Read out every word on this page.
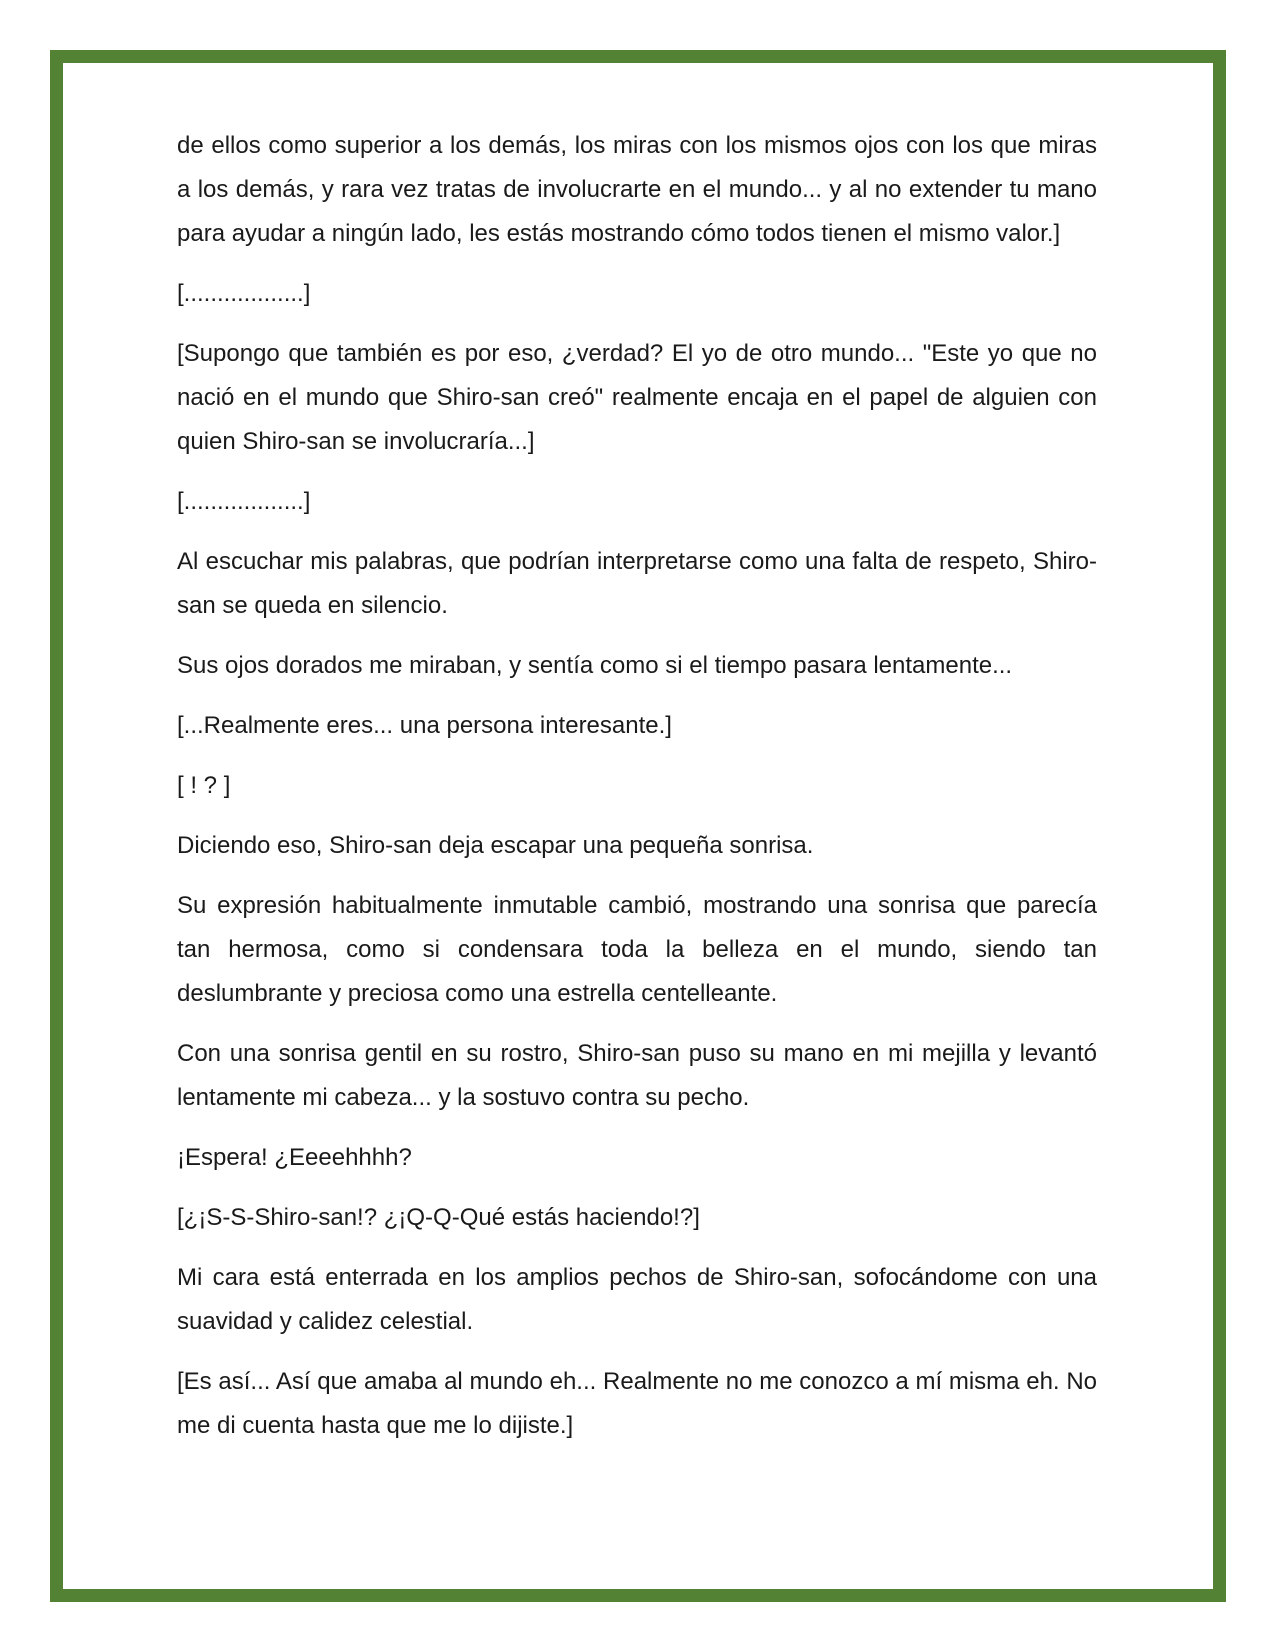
de ellos como superior a los demás, los miras con los mismos ojos con los que miras a los demás, y rara vez tratas de involucrarte en el mundo... y al no extender tu mano para ayudar a ningún lado, les estás mostrando cómo todos tienen el mismo valor.]

[..................]

[Supongo que también es por eso, ¿verdad? El yo de otro mundo... "Este yo que no nació en el mundo que Shiro-san creó" realmente encaja en el papel de alguien con quien Shiro-san se involucraría...]

[..................]

Al escuchar mis palabras, que podrían interpretarse como una falta de respeto, Shiro-san se queda en silencio.

Sus ojos dorados me miraban, y sentía como si el tiempo pasara lentamente...

[...Realmente eres... una persona interesante.]

[ ! ? ]

Diciendo eso, Shiro-san deja escapar una pequeña sonrisa.

Su expresión habitualmente inmutable cambió, mostrando una sonrisa que parecía tan hermosa, como si condensara toda la belleza en el mundo, siendo tan deslumbrante y preciosa como una estrella centelleante.

Con una sonrisa gentil en su rostro, Shiro-san puso su mano en mi mejilla y levantó lentamente mi cabeza... y la sostuvo contra su pecho.

¡Espera! ¿Eeeehhhh?

[¿¡S-S-Shiro-san!? ¿¡Q-Q-Qué estás haciendo!?]

Mi cara está enterrada en los amplios pechos de Shiro-san, sofocándome con una suavidad y calidez celestial.

[Es así... Así que amaba al mundo eh... Realmente no me conozco a mí misma eh. No me di cuenta hasta que me lo dijiste.]
